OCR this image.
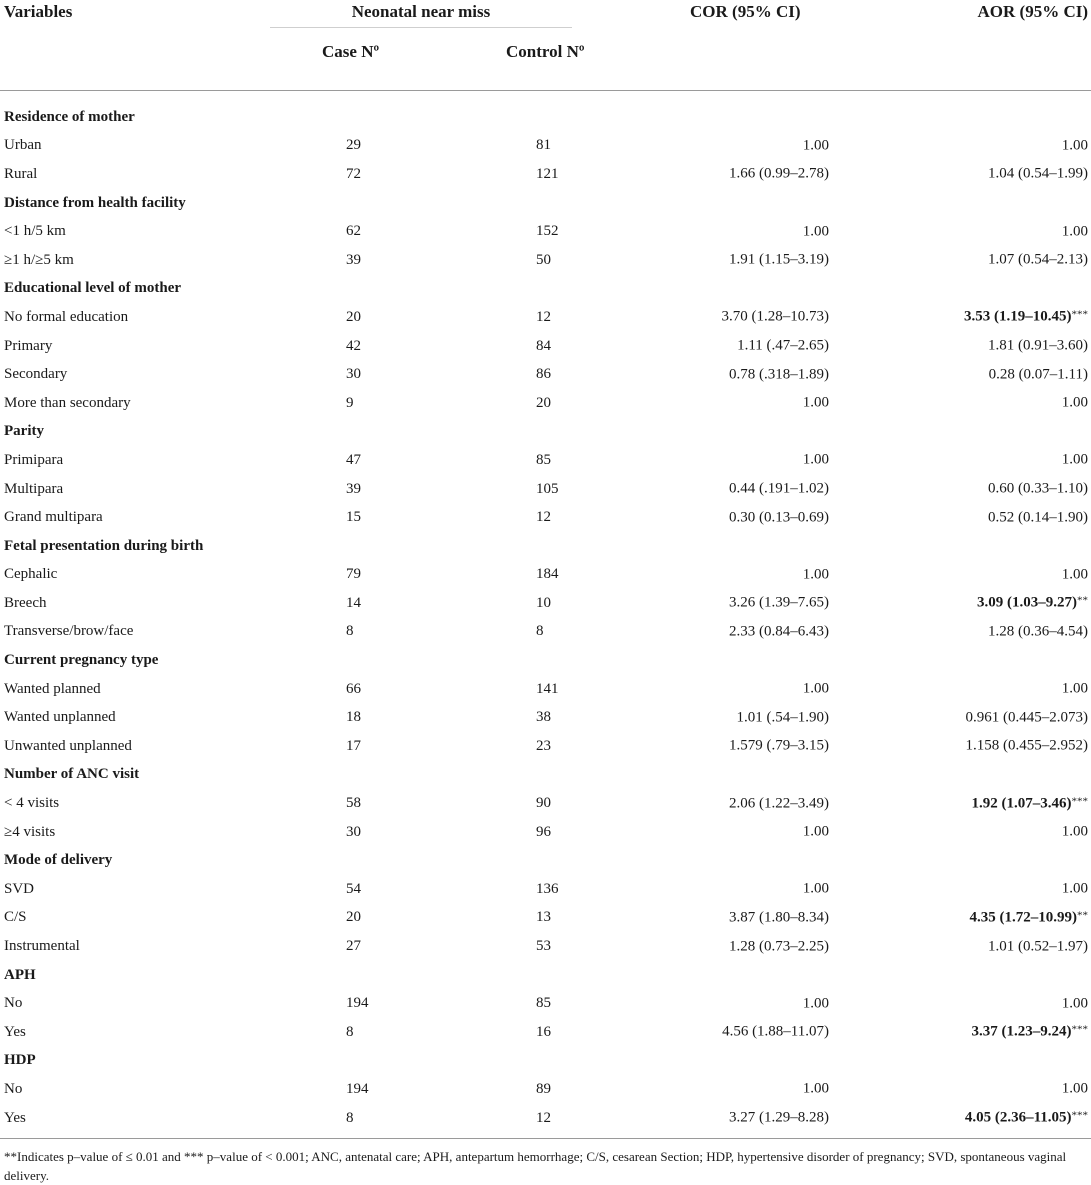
Variables	Neonatal near miss		COR (95% CI) AOR (95% CI)

	Case Nº	Control Nº	

Residence of mother			
Urban	29	81		1.00 1.00

Rural	72	121		1.66 (0.99–2.78) 1.04 (0.54–1.99)

Distance from health facility			
<1 h/5 km	62	152		1.00 1.00

≥1 h/≥5 km	39	50		1.91 (1.15–3.19) 1.07 (0.54–2.13)

Educational level of mother			
No formal education	20	12		3.70 (1.28–10.73) 3.53 (1.19–10.45)***

Primary	42	84		1.11 (.47–2.65) 1.81 (0.91–3.60)

Secondary	30	86		0.78 (.318–1.89) 0.28 (0.07–1.11)

More than secondary	9	20		1.00 1.00

Parity			
Primipara	47	85		1.00 1.00

Multipara	39	105		0.44 (.191–1.02) 0.60 (0.33–1.10)

Grand multipara	15	12		0.30 (0.13–0.69) 0.52 (0.14–1.90)

Fetal presentation during birth			
Cephalic	79	184		1.00 1.00

Breech	14	10		3.26 (1.39–7.65) 3.09 (1.03–9.27)**

Transverse/brow/face	8	8		2.33 (0.84–6.43) 1.28 (0.36–4.54)

Current pregnancy type			
Wanted planned	66	141		1.00 1.00

Wanted unplanned	18	38		1.01 (.54–1.90) 0.961 (0.445–2.073)

Unwanted unplanned	17	23		1.579 (.79–3.15) 1.158 (0.455–2.952)

Number of ANC visit			
< 4 visits	58	90		2.06 (1.22–3.49) 1.92 (1.07–3.46)***

≥4 visits	30	96		1.00 1.00

Mode of delivery			
SVD	54	136		1.00 1.00

C/S	20	13		3.87 (1.80–8.34) 4.35 (1.72–10.99)**

Instrumental	27	53		1.28 (0.73–2.25) 1.01 (0.52–1.97)

APH			
No	194	85		1.00 1.00

Yes	8	16		4.56 (1.88–11.07) 3.37 (1.23–9.24)***

HDP			
No	194	89		1.00 1.00

Yes	8	12		3.27 (1.29–8.28) 4.05 (2.36–11.05)***

**Indicates p–value of ≤ 0.01 and *** p–value of < 0.001; ANC, antenatal care; APH, antepartum hemorrhage; C/S, cesarean Section; HDP, hypertensive disorder of pregnancy; SVD, spontaneous vaginal delivery.			
